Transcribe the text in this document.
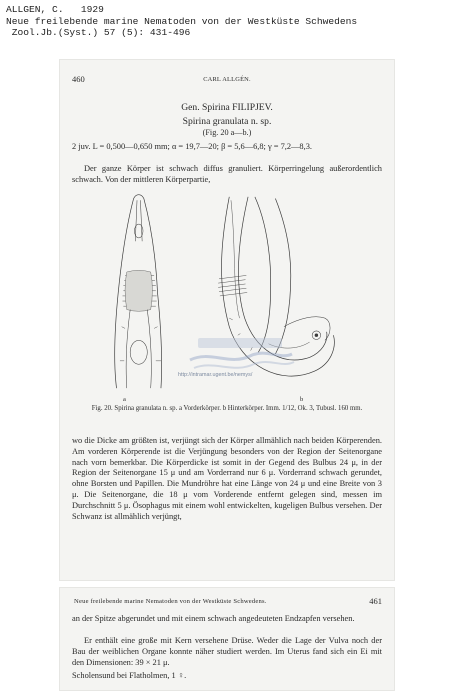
ALLGEN, C.   1929
Neue freilebende marine Nematoden von der Westküste Schwedens
Zool.Jb.(Syst.) 57 (5): 431-496
460	CARL ALLGÉN.
Gen. Spirina FILIPJEV.
Spirina granulata n. sp.
(Fig. 20 a—b.)
2 juv. L = 0,500—0,650 mm; α = 19,7—20; β = 5,6—6,8; γ = 7,2—8,3.
Der ganze Körper ist schwach diffus granuliert. Körperringelung außerordentlich schwach. Von der mittleren Körperpartie,
a	b
Fig. 20. Spirina granulata n. sp. a Vorderkörper. b Hinterkörper. Imm. 1/12, Ok. 3, Tubusl. 160 mm.
wo die Dicke am größten ist, verjüngt sich der Körper allmählich nach beiden Körperenden. Am vorderen Körperende ist die Verjüngung besonders von der Region der Seitenorgane nach vorn bemerkbar. Die Körperdicke ist somit in der Gegend des Bulbus 24 μ, in der Region der Seitenorgane 15 μ und am Vorderrand nur 6 μ. Vorderrand schwach gerundet, ohne Borsten und Papillen. Die Mundröhre hat eine Länge von 24 μ und eine Breite von 3 μ. Die Seitenorgane, die 18 μ vom Vorderende entfernt gelegen sind, messen im Durchschnitt 5 μ. Ösophagus mit einem wohl entwickelten, kugeligen Bulbus versehen. Der Schwanz ist allmählich verjüngt,
http://intramar.ugent.be/nemys/
Neue freilebende marine Nematoden von der Westküste Schwedens.	461
an der Spitze abgerundet und mit einem schwach angedeuteten Endzapfen versehen.
Er enthält eine große mit Kern versehene Drüse. Weder die Lage der Vulva noch der Bau der weiblichen Organe konnte näher studiert werden. Im Uterus fand sich ein Ei mit den Dimensionen: 39 × 21 μ.
Scholensund bei Flatholmen, 1 ♀.
